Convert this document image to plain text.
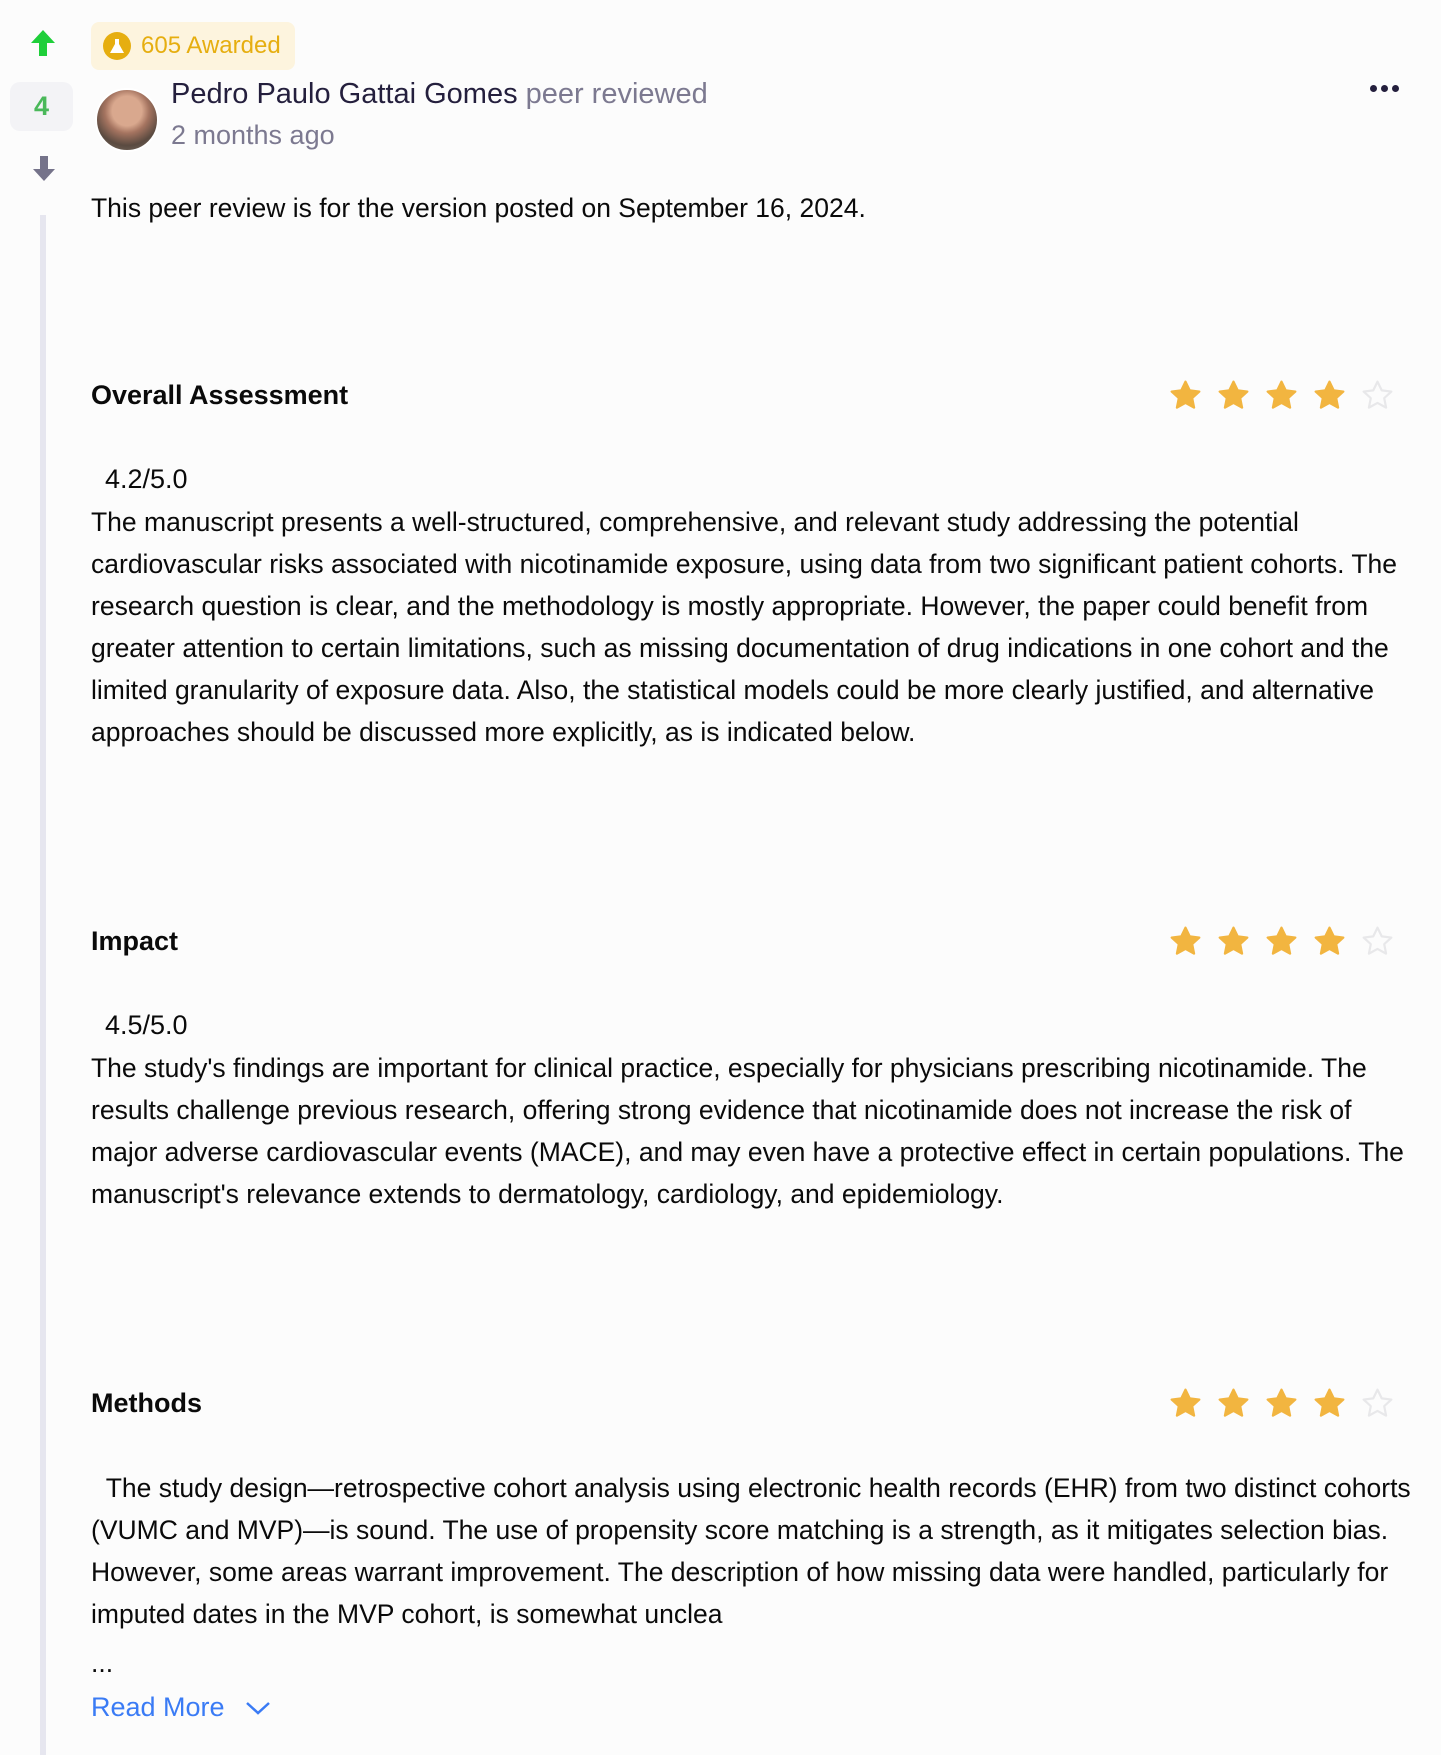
4
605 Awarded
Pedro Paulo Gattai Gomes peer reviewed
2 months ago
This peer review is for the version posted on September 16, 2024.
Overall Assessment
4.2/5.0
The manuscript presents a well-structured, comprehensive, and relevant study addressing the potential cardiovascular risks associated with nicotinamide exposure, using data from two significant patient cohorts. The research question is clear, and the methodology is mostly appropriate. However, the paper could benefit from greater attention to certain limitations, such as missing documentation of drug indications in one cohort and the limited granularity of exposure data. Also, the statistical models could be more clearly justified, and alternative approaches should be discussed more explicitly, as is indicated below.
Impact
4.5/5.0
The study's findings are important for clinical practice, especially for physicians prescribing nicotinamide. The results challenge previous research, offering strong evidence that nicotinamide does not increase the risk of major adverse cardiovascular events (MACE), and may even have a protective effect in certain populations. The manuscript's relevance extends to dermatology, cardiology, and epidemiology.
Methods
The study design—retrospective cohort analysis using electronic health records (EHR) from two distinct cohorts (VUMC and MVP)—is sound. The use of propensity score matching is a strength, as it mitigates selection bias. However, some areas warrant improvement. The description of how missing data were handled, particularly for imputed dates in the MVP cohort, is somewhat unclea
...
Read More
